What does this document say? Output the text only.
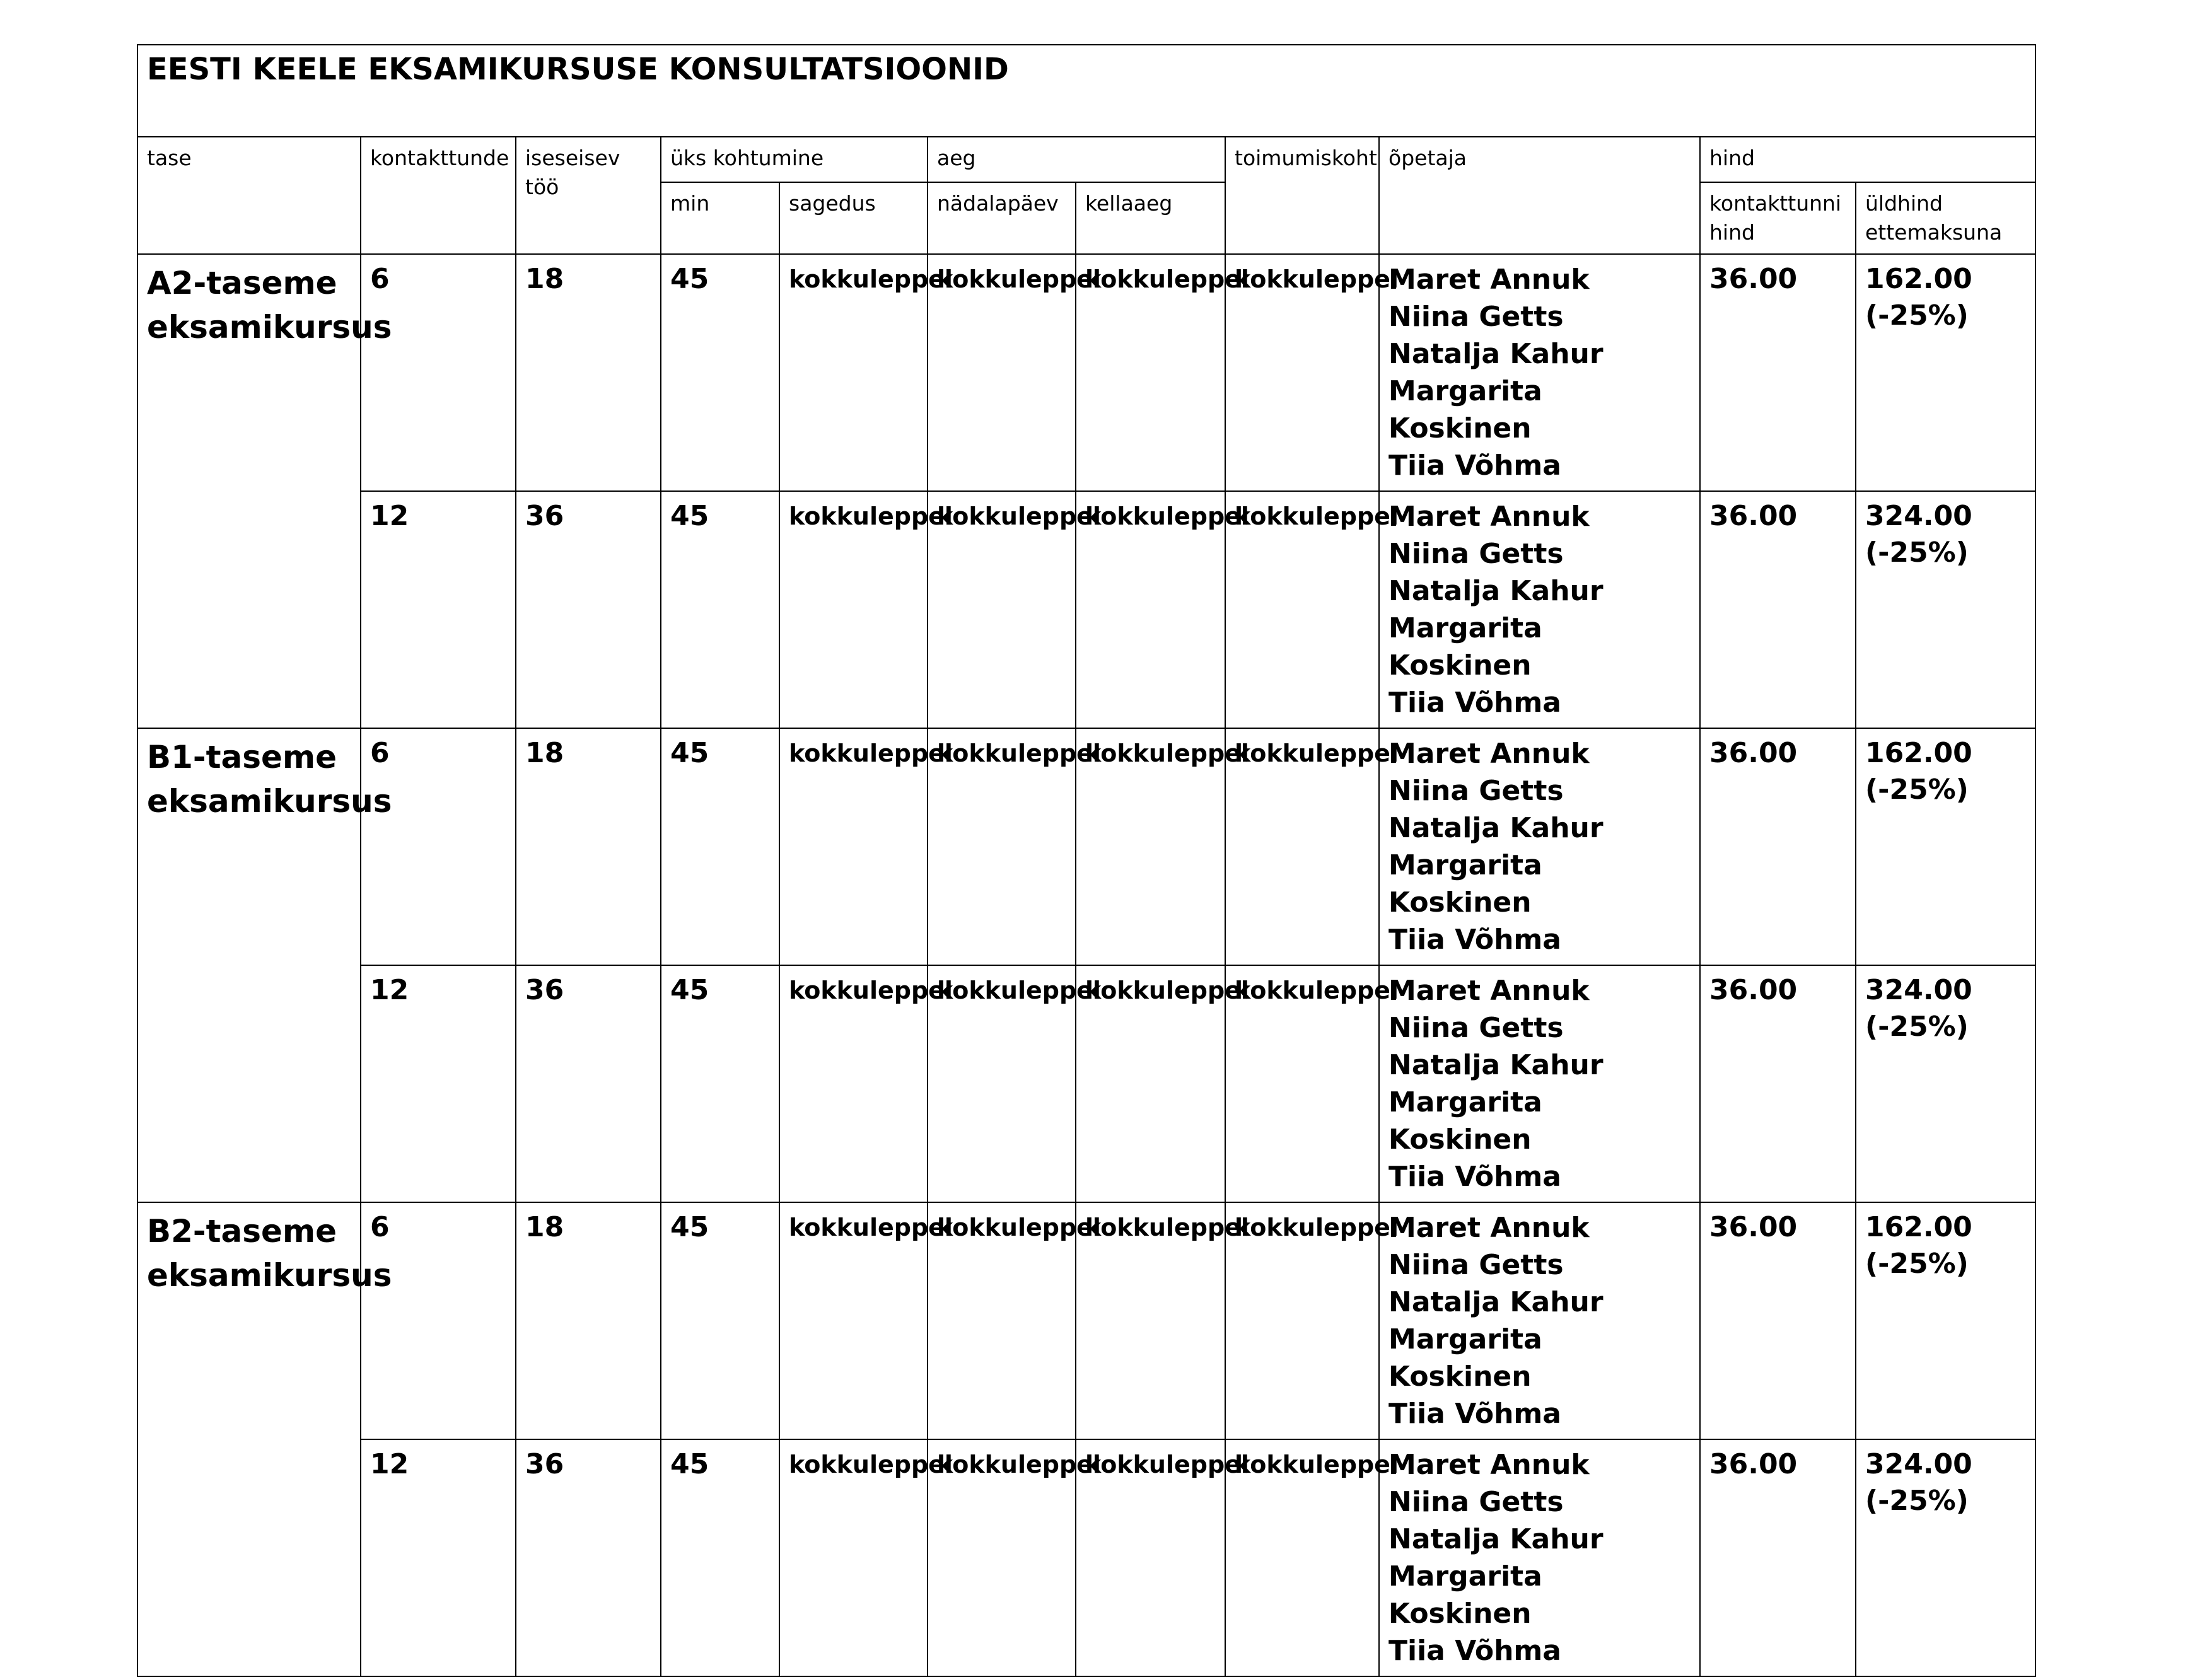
EESTI KEELE EKSAMIKURSUSE KONSULTATSIOONID										
tase	kontakttunde	iseseisev töö	üks kohtumine		aeg		toimumiskoht	õpetaja	hind	
			min	sagedus	nädalapäev	kellaaeg			kontakttunni hind	üldhind ettemaksuna
A2-taseme eksamikursus	6	18	45	kokkuleppel	kokkuleppel	kokkuleppel	kokkuleppel	Maret Annuk
Niina Getts
Natalja Kahur
Margarita Koskinen
Tiia Võhma	36.00	162.00
(-25%)

	12	36	45	kokkuleppel	kokkuleppel	kokkuleppel	kokkuleppel	Maret Annuk
Niina Getts
Natalja Kahur
Margarita Koskinen
Tiia Võhma	36.00	324.00
(-25%)

B1-taseme eksamikursus	6	18	45	kokkuleppel	kokkuleppel	kokkuleppel	kokkuleppel	Maret Annuk
Niina Getts
Natalja Kahur
Margarita Koskinen
Tiia Võhma	36.00	162.00
(-25%)

	12	36	45	kokkuleppel	kokkuleppel	kokkuleppel	kokkuleppel	Maret Annuk
Niina Getts
Natalja Kahur
Margarita Koskinen
Tiia Võhma	36.00	324.00
(-25%)

B2-taseme eksamikursus	6	18	45	kokkuleppel	kokkuleppel	kokkuleppel	kokkuleppel	Maret Annuk
Niina Getts
Natalja Kahur
Margarita Koskinen
Tiia Võhma	36.00	162.00
(-25%)

	12	36	45	kokkuleppel	kokkuleppel	kokkuleppel	kokkuleppel	Maret Annuk
Niina Getts
Natalja Kahur
Margarita Koskinen
Tiia Võhma	36.00	324.00
(-25%)
